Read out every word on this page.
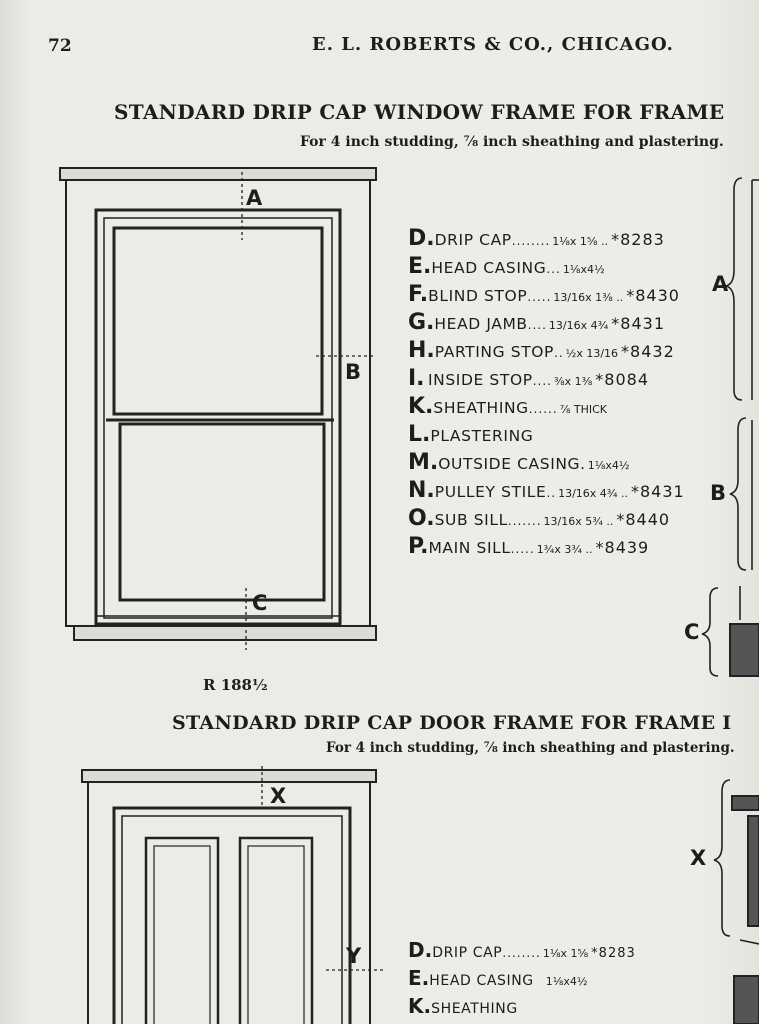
72	E. L. ROBERTS & CO., CHICAGO.
STANDARD DRIP CAP WINDOW FRAME FOR FRAME
For 4 inch studding, ⅞ inch sheathing and plastering.
A
B
C
R 188½
A
B
C
D. DRIP CAP ........ 1⅛x 1⅝ .. *8283
E. HEAD CASING ... 1⅛x4½
F. BLIND STOP ..... 13/16x 1⅜ .. *8430
G. HEAD JAMB .... 13/16x 4¾ *8431
H. PARTING STOP .. ½x 13/16 *8432
I. INSIDE STOP .... ⅜x 1⅜ *8084
K. SHEATHING ...... ⅞ THICK
L. PLASTERING
M. OUTSIDE CASING. 1⅛x4½
N. PULLEY STILE .. 13/16x 4¾ .. *8431
O. SUB SILL ....... 13/16x 5¾ .. *8440
P. MAIN SILL ..... 1¾x 3¾ .. *8439
STANDARD DRIP CAP DOOR FRAME FOR FRAME I
For 4 inch studding, ⅞ inch sheathing and plastering.
X
Y
X
D. DRIP CAP ........ 1⅛x 1⅝ *8283
E. HEAD CASING 1⅛x4½
K. SHEATHING
